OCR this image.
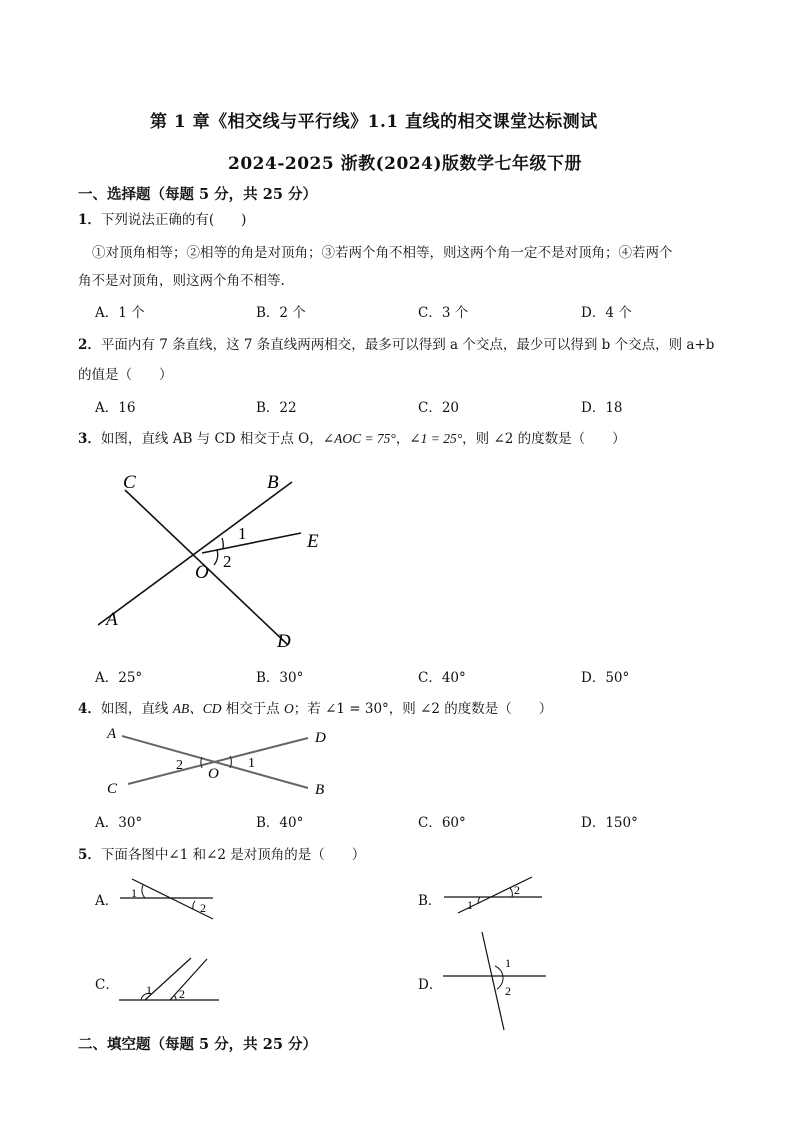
第 1 章《相交线与平行线》1.1 直线的相交课堂达标测试
2024-2025 浙教(2024)版数学七年级下册
一、选择题（每题 5 分，共 25 分）
1．下列说法正确的有(　　)
①对顶角相等；②相等的角是对顶角；③若两个角不相等，则这两个角一定不是对顶角；④若两个
角不是对顶角，则这两个角不相等.
A．1 个	B．2 个	C．3 个	D．4 个
2．平面内有 7 条直线，这 7 条直线两两相交，最多可以得到 a 个交点，最少可以得到 b 个交点，则 a+b
的值是（　　）
A．16	B．22	C．20	D．18
3．如图，直线 AB 与 CD 相交于点 O，∠AOC = 75°，∠1 = 25°，则 ∠2 的度数是（　　）
C	B
E
O
A
D
1
2
A．25°	B．30°	C．40°	D．50°
4．如图，直线 AB、CD 相交于点 O；若 ∠1 = 30°，则 ∠2 的度数是（　　）
A	D
C	B
O
1
2
A．30°	B．40°	C．60°	D．150°
5．下面各图中∠1 和∠2 是对顶角的是（　　）
A． 1
2	B． 1
2
C． 1 2
D．
1
2
二、填空题（每题 5 分，共 25 分）
